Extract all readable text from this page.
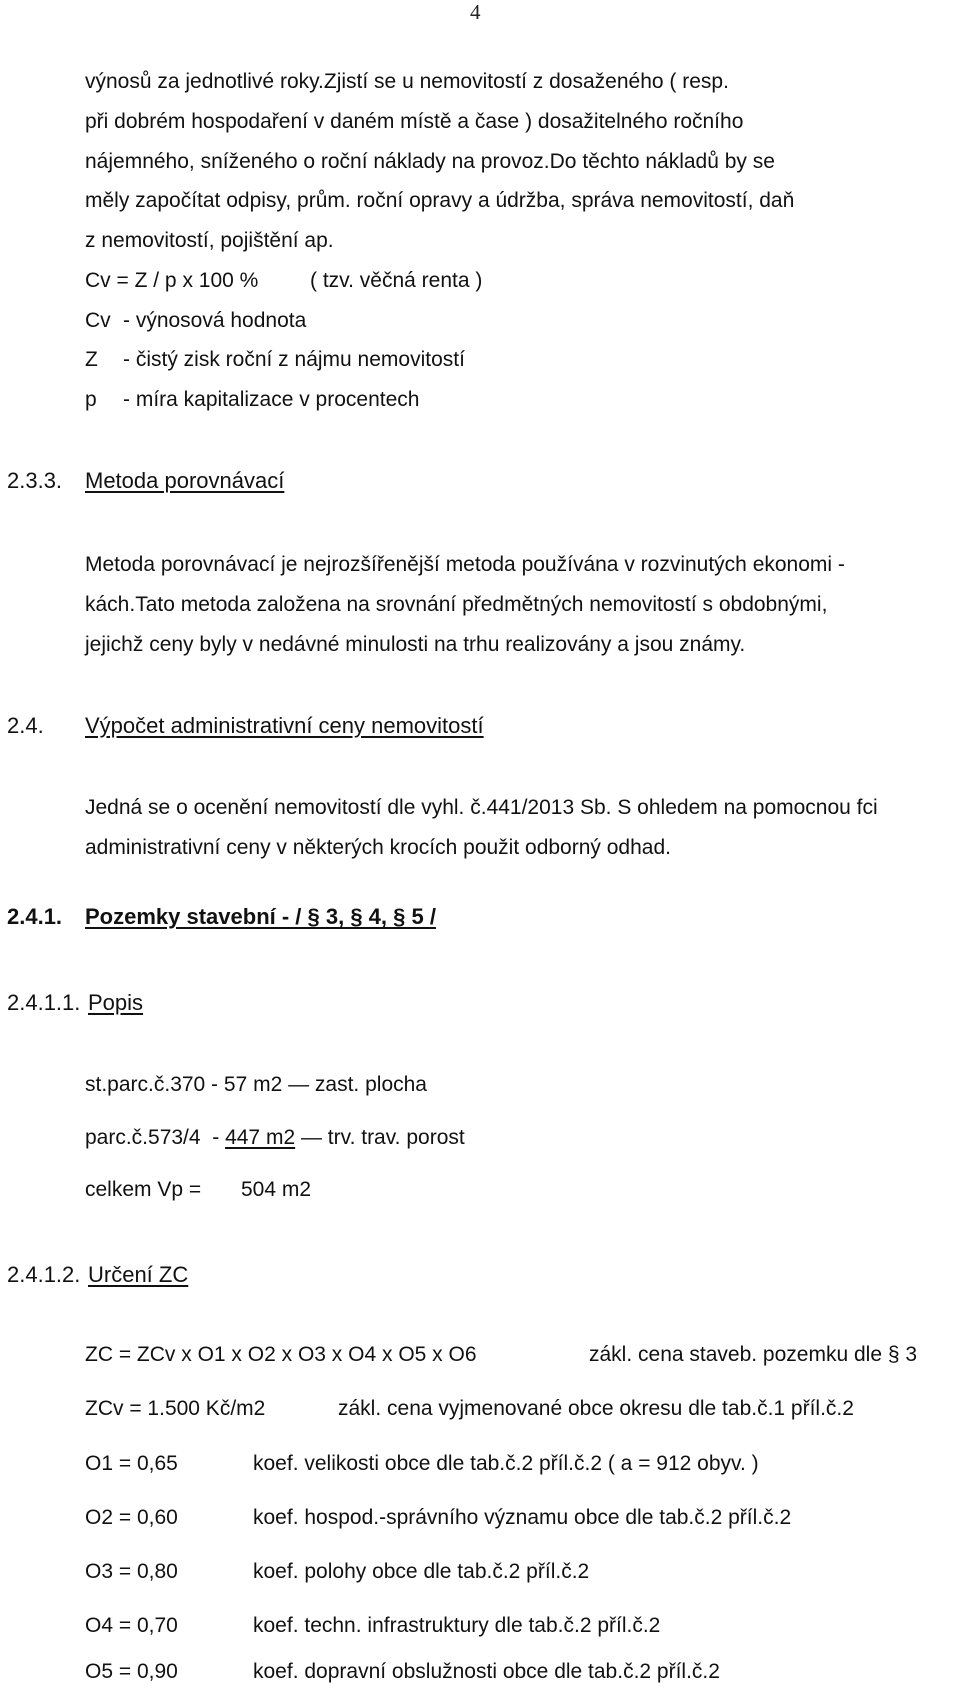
4
výnosů za jednotlivé roky.Zjistí se u nemovitostí z dosaženého ( resp.
při dobrém hospodaření v daném místě a čase ) dosažitelného ročního
nájemného, sníženého o roční náklady na provoz.Do těchto nákladů by se
měly započítat odpisy, prům. roční opravy a údržba, správa nemovitostí, daň
z nemovitostí, pojištění ap.
Cv = Z / p x 100 % ( tzv. věčná renta )
Cv - výnosová hodnota
Z - čistý zisk roční z nájmu nemovitostí
p - míra kapitalizace v procentech
2.3.3. Metoda porovnávací
Metoda porovnávací je nejrozšířenější metoda používána v rozvinutých ekonomi -
kách.Tato metoda založena na srovnání předmětných nemovitostí s obdobnými,
jejichž ceny byly v nedávné minulosti na trhu realizovány a jsou známy.
2.4. Výpočet administrativní ceny nemovitostí
Jedná se o ocenění nemovitostí dle vyhl. č.441/2013 Sb. S ohledem na pomocnou fci
administrativní ceny v některých krocích použit odborný odhad.
2.4.1. Pozemky stavební - / § 3, § 4, § 5 /
2.4.1.1. Popis
st.parc.č.370 - 57 m2 — zast. plocha
parc.č.573/4  - 447 m2 — trv. trav. porost
celkem Vp = 504 m2
2.4.1.2. Určení ZC
ZC = ZCv x O1 x O2 x O3 x O4 x O5 x O6	zákl. cena staveb. pozemku dle § 3
ZCv = 1.500 Kč/m2	zákl. cena vyjmenované obce okresu dle tab.č.1 příl.č.2
O1 = 0,65	koef. velikosti obce dle tab.č.2 příl.č.2 ( a = 912 obyv. )
O2 = 0,60	koef. hospod.-správního významu obce dle tab.č.2 příl.č.2
O3 = 0,80	koef. polohy obce dle tab.č.2 příl.č.2
O4 = 0,70	koef. techn. infrastruktury dle tab.č.2 příl.č.2
O5 = 0,90	koef. dopravní obslužnosti obce dle tab.č.2 příl.č.2
